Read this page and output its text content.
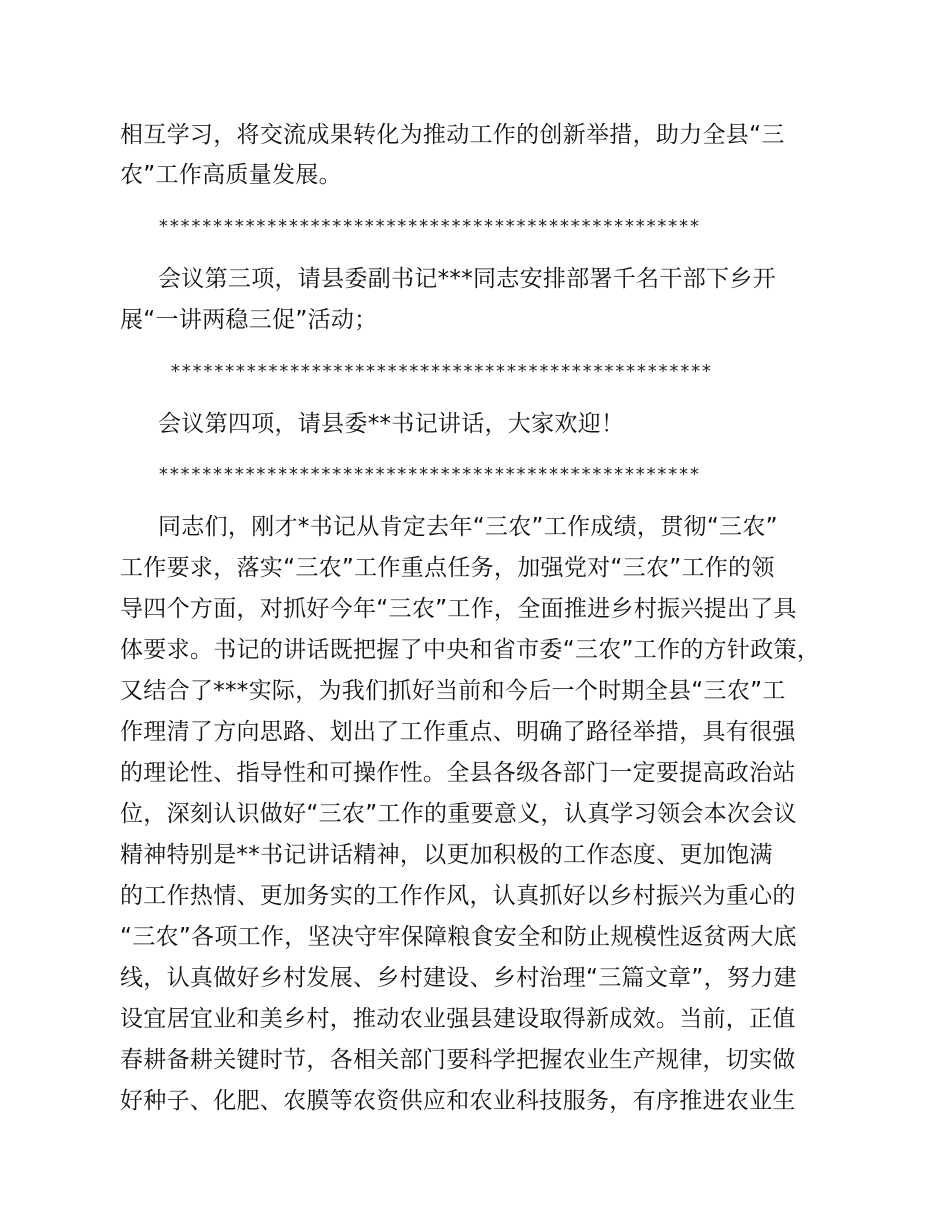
相互学习，将交流成果转化为推动工作的创新举措，助力全县“三
农”工作高质量发展。
**************************************************
会议第三项，请县委副书记***同志安排部署千名干部下乡开
展“一讲两稳三促”活动；
**************************************************
会议第四项，请县委**书记讲话，大家欢迎！
**************************************************
同志们，刚才*书记从肯定去年“三农”工作成绩，贯彻“三农”
工作要求，落实“三农”工作重点任务，加强党对“三农”工作的领
导四个方面，对抓好今年“三农”工作，全面推进乡村振兴提出了具
体要求。书记的讲话既把握了中央和省市委“三农”工作的方针政策，
又结合了***实际，为我们抓好当前和今后一个时期全县“三农”工
作理清了方向思路、划出了工作重点、明确了路径举措，具有很强
的理论性、指导性和可操作性。全县各级各部门一定要提高政治站
位，深刻认识做好“三农”工作的重要意义，认真学习领会本次会议
精神特别是**书记讲话精神，以更加积极的工作态度、更加饱满
的工作热情、更加务实的工作作风，认真抓好以乡村振兴为重心的
“三农”各项工作，坚决守牢保障粮食安全和防止规模性返贫两大底
线，认真做好乡村发展、乡村建设、乡村治理“三篇文章”，努力建
设宜居宜业和美乡村，推动农业强县建设取得新成效。当前，正值
春耕备耕关键时节，各相关部门要科学把握农业生产规律，切实做
好种子、化肥、农膜等农资供应和农业科技服务，有序推进农业生
